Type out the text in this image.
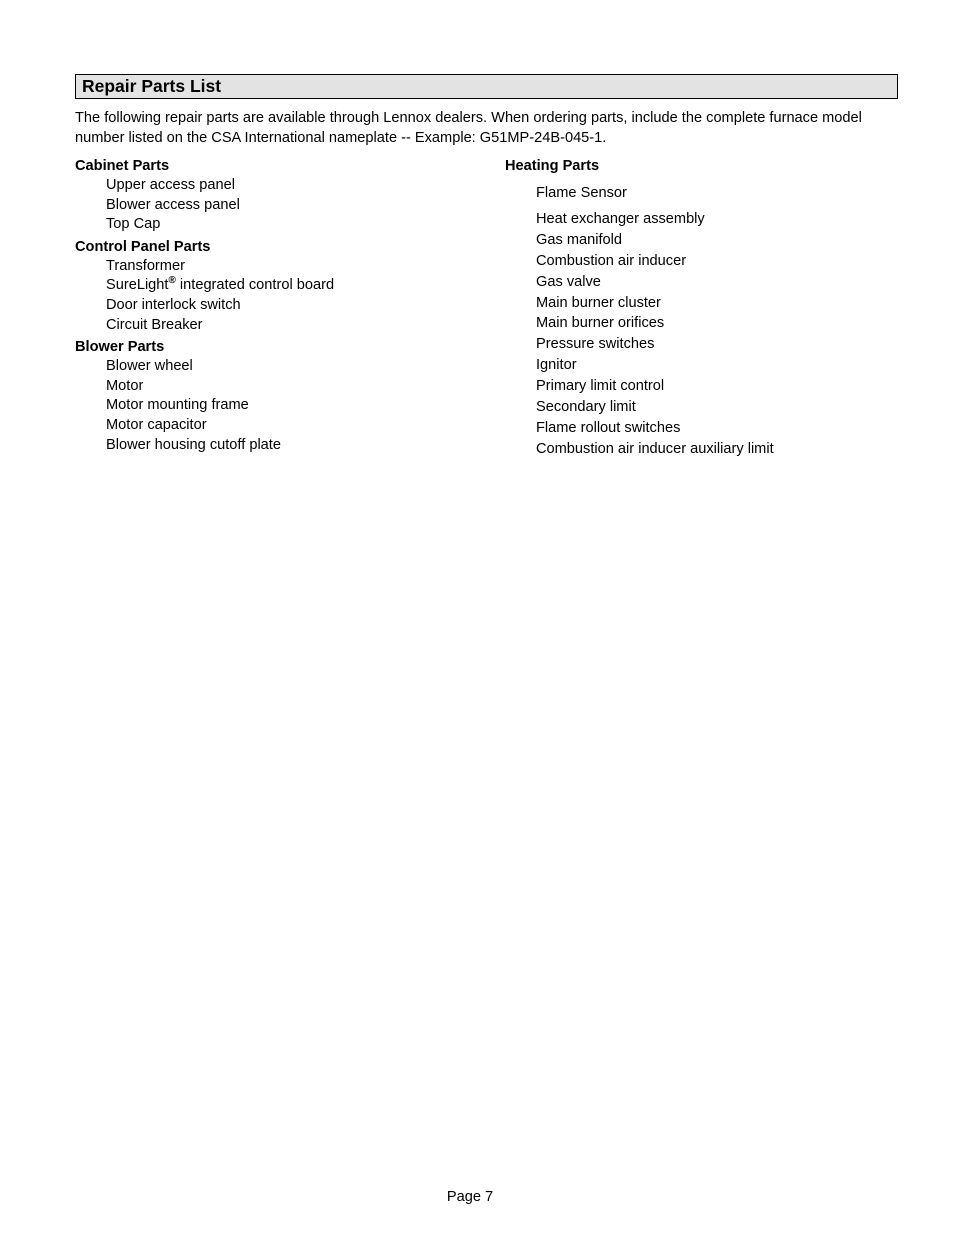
Repair Parts List

The following repair parts are available through Lennox dealers. When ordering parts, include the complete furnace model number listed on the CSA International nameplate -- Example: G51MP-24B-045-1.

Cabinet Parts
Upper access panel
Blower access panel
Top Cap
Control Panel Parts
Transformer
SureLight® integrated control board
Door interlock switch
Circuit Breaker
Blower Parts
Blower wheel
Motor
Motor mounting frame
Motor capacitor
Blower housing cutoff plate
Heating Parts
Flame Sensor
Heat exchanger assembly
Gas manifold
Combustion air inducer
Gas valve
Main burner cluster
Main burner orifices
Pressure switches
Ignitor
Primary limit control
Secondary limit
Flame rollout switches
Combustion air inducer auxiliary limit
Page 7
